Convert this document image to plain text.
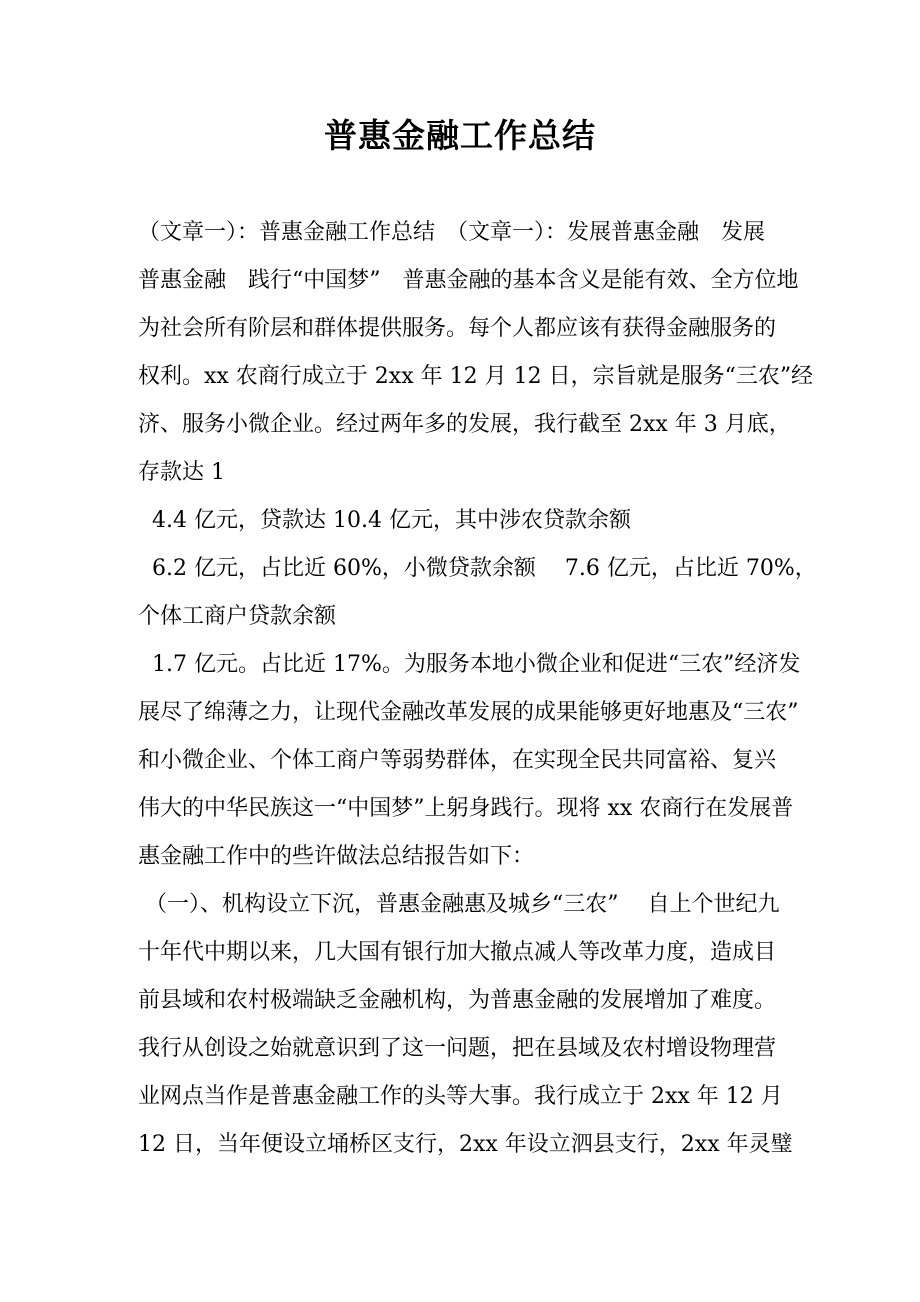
普惠金融工作总结
（文章一）：普惠金融工作总结　（文章一）：发展普惠金融　发展
普惠金融　践行“中国梦”　普惠金融的基本含义是能有效、全方位地
为社会所有阶层和群体提供服务。每个人都应该有获得金融服务的
权利。xx 农商行成立于 2xx 年 12 月 12 日，宗旨就是服务“三农”经
济、服务小微企业。经过两年多的发展，我行截至 2xx 年 3 月底，
存款达 1
4.4 亿元，贷款达 10.4 亿元，其中涉农贷款余额
6.2 亿元，占比近 60%，小微贷款余额　 7.6 亿元，占比近 70%，
个体工商户贷款余额
1.7 亿元。占比近 17%。为服务本地小微企业和促进“三农”经济发
展尽了绵薄之力，让现代金融改革发展的成果能够更好地惠及“三农”
和小微企业、个体工商户等弱势群体，在实现全民共同富裕、复兴
伟大的中华民族这一“中国梦”上躬身践行。现将 xx 农商行在发展普
惠金融工作中的些许做法总结报告如下：
（一）、机构设立下沉，普惠金融惠及城乡“三农”　 自上个世纪九
十年代中期以来，几大国有银行加大撤点减人等改革力度，造成目
前县域和农村极端缺乏金融机构，为普惠金融的发展增加了难度。
我行从创设之始就意识到了这一问题，把在县域及农村增设物理营
业网点当作是普惠金融工作的头等大事。我行成立于 2xx 年 12 月
12 日，当年便设立埇桥区支行，2xx 年设立泗县支行，2xx 年灵璧
